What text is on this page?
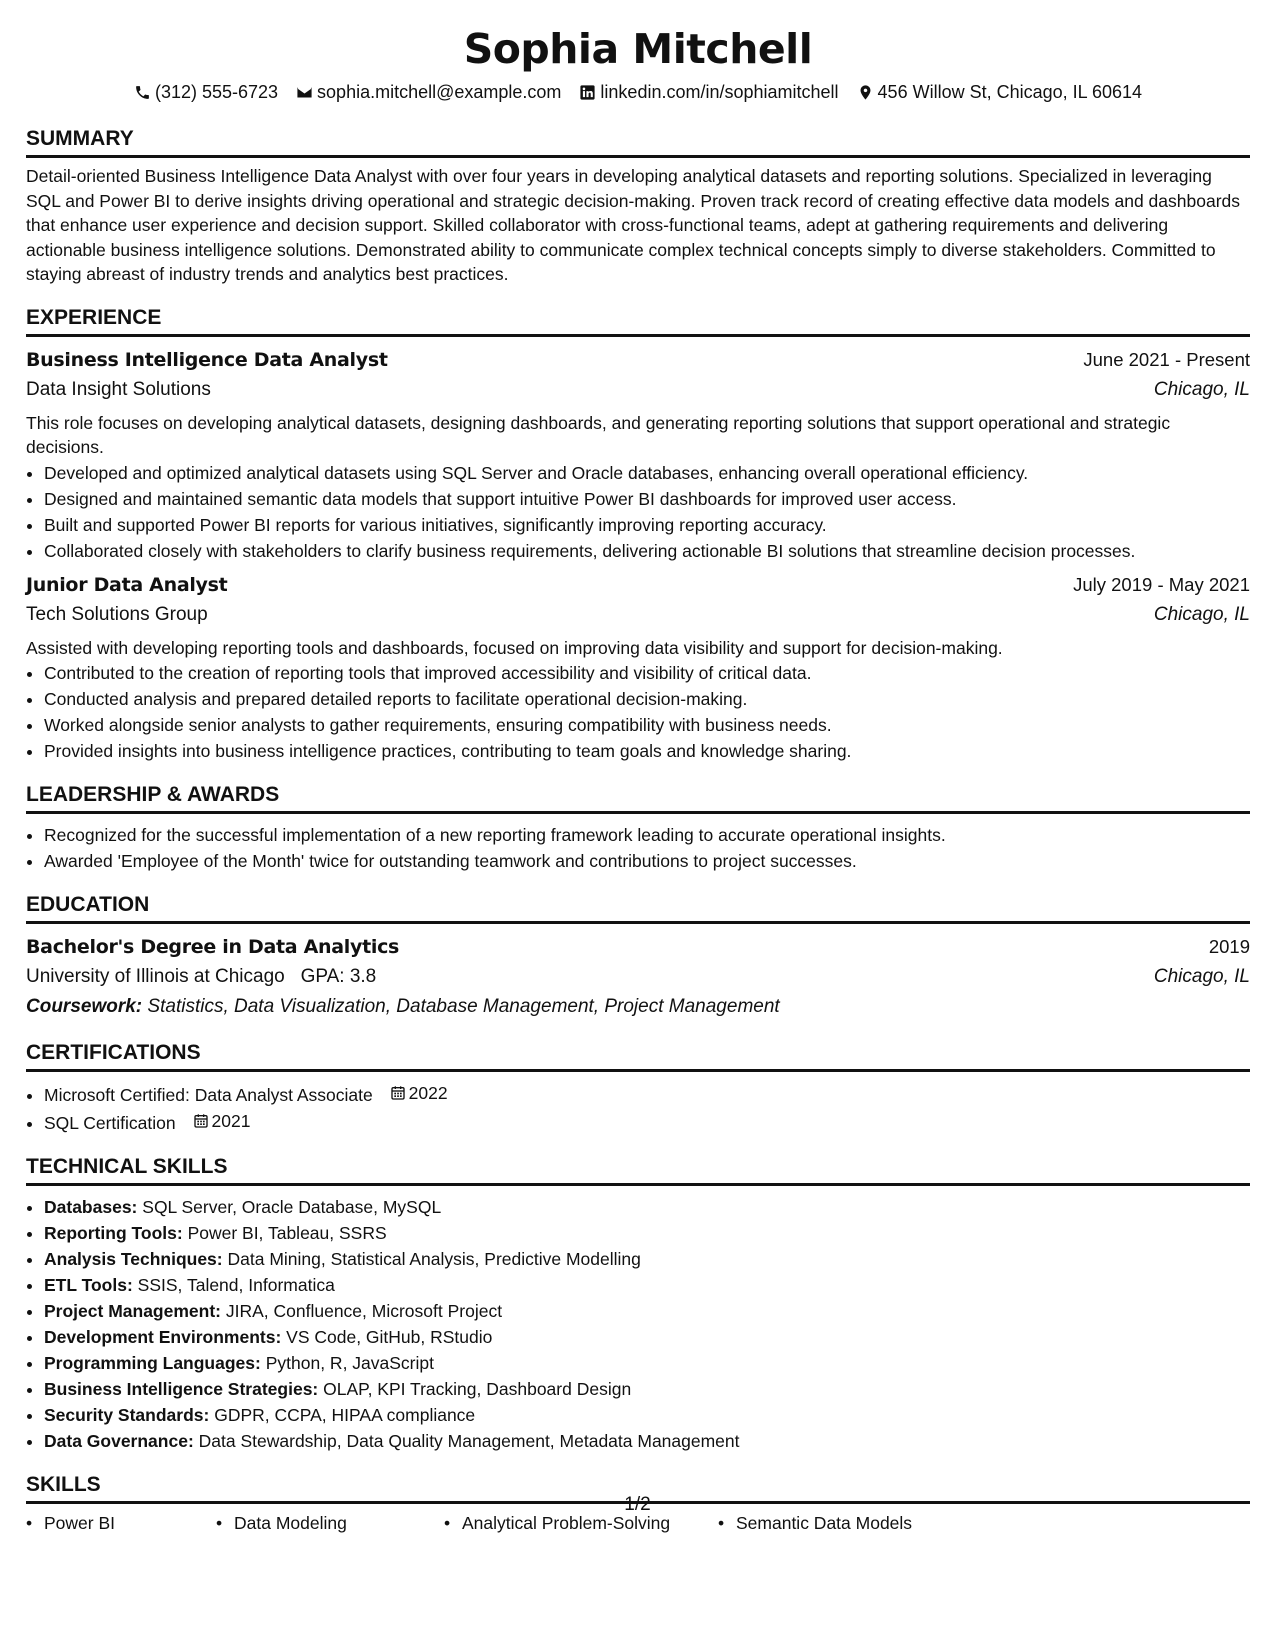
Sophia Mitchell
(312) 555-6723 sophia.mitchell@example.com linkedin.com/in/sophiamitchell 456 Willow St, Chicago, IL 60614
SUMMARY

Detail-oriented Business Intelligence Data Analyst with over four years in developing analytical datasets and reporting solutions. Specialized in leveraging SQL and Power BI to derive insights driving operational and strategic decision-making. Proven track record of creating effective data models and dashboards that enhance user experience and decision support. Skilled collaborator with cross-functional teams, adept at gathering requirements and delivering actionable business intelligence solutions. Demonstrated ability to communicate complex technical concepts simply to diverse stakeholders. Committed to staying abreast of industry trends and analytics best practices.

EXPERIENCE
Business Intelligence Data Analyst	June 2021 - Present
Data Insight Solutions	Chicago, IL

This role focuses on developing analytical datasets, designing dashboards, and generating reporting solutions that support operational and strategic decisions.

• Developed and optimized analytical datasets using SQL Server and Oracle databases, enhancing overall operational efficiency.
• Designed and maintained semantic data models that support intuitive Power BI dashboards for improved user access.
• Built and supported Power BI reports for various initiatives, significantly improving reporting accuracy.
• Collaborated closely with stakeholders to clarify business requirements, delivering actionable BI solutions that streamline decision processes.
Junior Data Analyst	July 2019 - May 2021
Tech Solutions Group	Chicago, IL

Assisted with developing reporting tools and dashboards, focused on improving data visibility and support for decision-making.

• Contributed to the creation of reporting tools that improved accessibility and visibility of critical data.
• Conducted analysis and prepared detailed reports to facilitate operational decision-making.
• Worked alongside senior analysts to gather requirements, ensuring compatibility with business needs.
• Provided insights into business intelligence practices, contributing to team goals and knowledge sharing.
LEADERSHIP & AWARDS
• Recognized for the successful implementation of a new reporting framework leading to accurate operational insights.
• Awarded 'Employee of the Month' twice for outstanding teamwork and contributions to project successes.
EDUCATION
Bachelor's Degree in Data Analytics	2019
University of Illinois at Chicago GPA: 3.8	Chicago, IL
Coursework: Statistics, Data Visualization, Database Management, Project Management
CERTIFICATIONS
• Microsoft Certified: Data Analyst Associate 2022
• SQL Certification 2021
TECHNICAL SKILLS
• Databases: SQL Server, Oracle Database, MySQL
• Reporting Tools: Power BI, Tableau, SSRS
• Analysis Techniques: Data Mining, Statistical Analysis, Predictive Modelling
• ETL Tools: SSIS, Talend, Informatica
• Project Management: JIRA, Confluence, Microsoft Project
• Development Environments: VS Code, GitHub, RStudio
• Programming Languages: Python, R, JavaScript
• Business Intelligence Strategies: OLAP, KPI Tracking, Dashboard Design
• Security Standards: GDPR, CCPA, HIPAA compliance
• Data Governance: Data Stewardship, Data Quality Management, Metadata Management
SKILLS
• Power BI	• Data Modeling	• Analytical Problem-Solving	• Semantic Data Models
1/2
